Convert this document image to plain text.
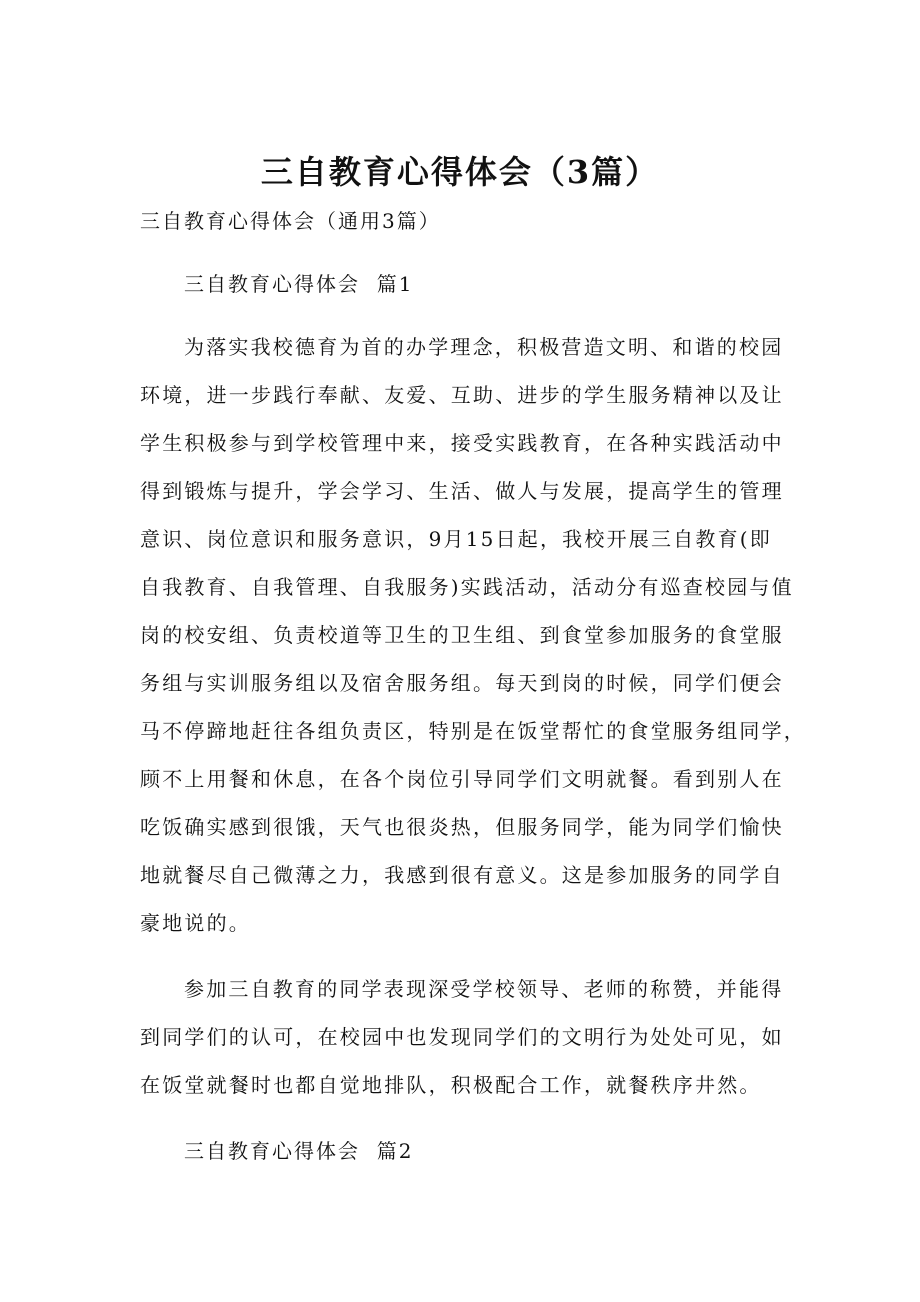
三自教育心得体会（3篇）

三自教育心得体会（通用3篇）

三自教育心得体会  篇1

为落实我校德育为首的办学理念，积极营造文明、和谐的校园
环境，进一步践行奉献、友爱、互助、进步的学生服务精神以及让
学生积极参与到学校管理中来，接受实践教育，在各种实践活动中
得到锻炼与提升，学会学习、生活、做人与发展，提高学生的管理
意识、岗位意识和服务意识，9月15日起，我校开展三自教育(即
自我教育、自我管理、自我服务)实践活动，活动分有巡查校园与值
岗的校安组、负责校道等卫生的卫生组、到食堂参加服务的食堂服
务组与实训服务组以及宿舍服务组。每天到岗的时候，同学们便会
马不停蹄地赶往各组负责区，特别是在饭堂帮忙的食堂服务组同学，
顾不上用餐和休息，在各个岗位引导同学们文明就餐。看到别人在
吃饭确实感到很饿，天气也很炎热，但服务同学，能为同学们愉快
地就餐尽自己微薄之力，我感到很有意义。这是参加服务的同学自
豪地说的。
参加三自教育的同学表现深受学校领导、老师的称赞，并能得
到同学们的认可，在校园中也发现同学们的文明行为处处可见，如
在饭堂就餐时也都自觉地排队，积极配合工作，就餐秩序井然。

三自教育心得体会  篇2
